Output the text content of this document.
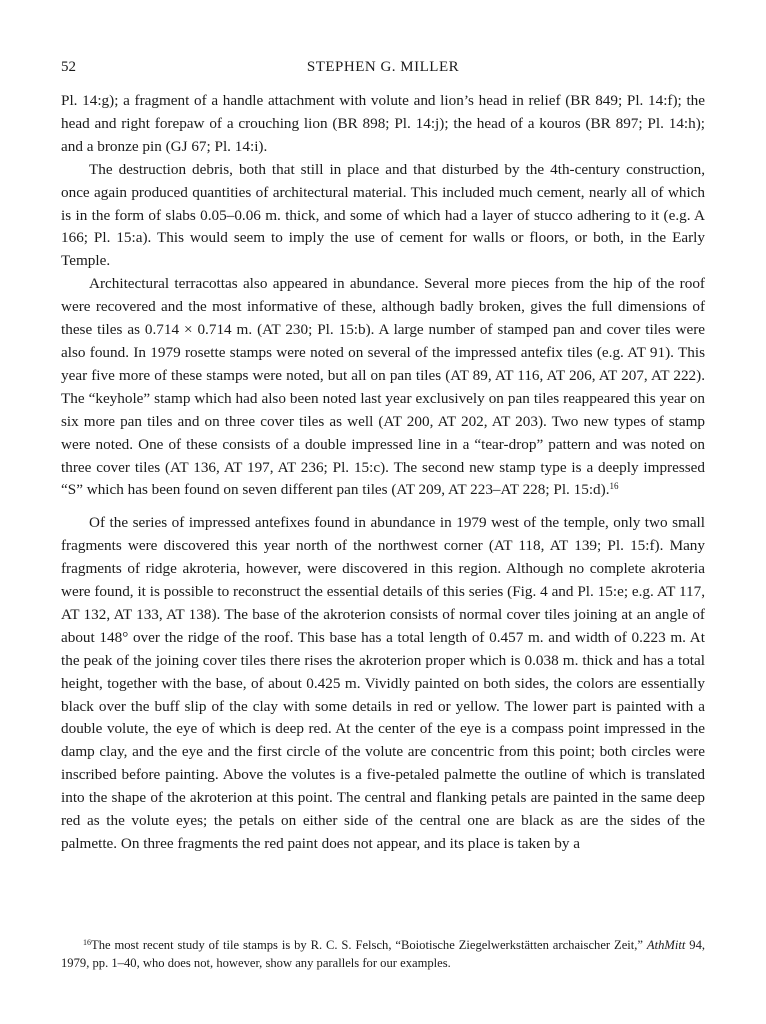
52	STEPHEN G. MILLER

Pl. 14:g); a fragment of a handle attachment with volute and lion’s head in relief (BR 849; Pl. 14:f); the head and right forepaw of a crouching lion (BR 898; Pl. 14:j); the head of a kouros (BR 897; Pl. 14:h); and a bronze pin (GJ 67; Pl. 14:i).

The destruction debris, both that still in place and that disturbed by the 4th-century construction, once again produced quantities of architectural material. This included much cement, nearly all of which is in the form of slabs 0.05–0.06 m. thick, and some of which had a layer of stucco adhering to it (e.g. A 166; Pl. 15:a). This would seem to imply the use of cement for walls or floors, or both, in the Early Temple.

Architectural terracottas also appeared in abundance. Several more pieces from the hip of the roof were recovered and the most informative of these, although badly broken, gives the full dimensions of these tiles as 0.714 × 0.714 m. (AT 230; Pl. 15:b). A large number of stamped pan and cover tiles were also found. In 1979 rosette stamps were noted on several of the impressed antefix tiles (e.g. AT 91). This year five more of these stamps were noted, but all on pan tiles (AT 89, AT 116, AT 206, AT 207, AT 222). The “keyhole” stamp which had also been noted last year exclusively on pan tiles reappeared this year on six more pan tiles and on three cover tiles as well (AT 200, AT 202, AT 203). Two new types of stamp were noted. One of these consists of a double impressed line in a “tear-drop” pattern and was noted on three cover tiles (AT 136, AT 197, AT 236; Pl. 15:c). The second new stamp type is a deeply impressed “S” which has been found on seven different pan tiles (AT 209, AT 223–AT 228; Pl. 15:d).$^{16}$

Of the series of impressed antefixes found in abundance in 1979 west of the temple, only two small fragments were discovered this year north of the northwest corner (AT 118, AT 139; Pl. 15:f). Many fragments of ridge akroteria, however, were discovered in this region. Although no complete akroteria were found, it is possible to reconstruct the essential details of this series (Fig. 4 and Pl. 15:e; e.g. AT 117, AT 132, AT 133, AT 138). The base of the akroterion consists of normal cover tiles joining at an angle of about 148° over the ridge of the roof. This base has a total length of 0.457 m. and width of 0.223 m. At the peak of the joining cover tiles there rises the akroterion proper which is 0.038 m. thick and has a total height, together with the base, of about 0.425 m. Vividly painted on both sides, the colors are essentially black over the buff slip of the clay with some details in red or yellow. The lower part is painted with a double volute, the eye of which is deep red. At the center of the eye is a compass point impressed in the damp clay, and the eye and the first circle of the volute are concentric from this point; both circles were inscribed before painting. Above the volutes is a five-petaled palmette the outline of which is translated into the shape of the akroterion at this point. The central and flanking petals are painted in the same deep red as the volute eyes; the petals on either side of the central one are black as are the sides of the palmette. On three fragments the red paint does not appear, and its place is taken by a

$^{16}$The most recent study of tile stamps is by R. C. S. Felsch, “Boiotische Ziegelwerkstätten archaischer Zeit,” AthMitt 94, 1979, pp. 1–40, who does not, however, show any parallels for our examples.
